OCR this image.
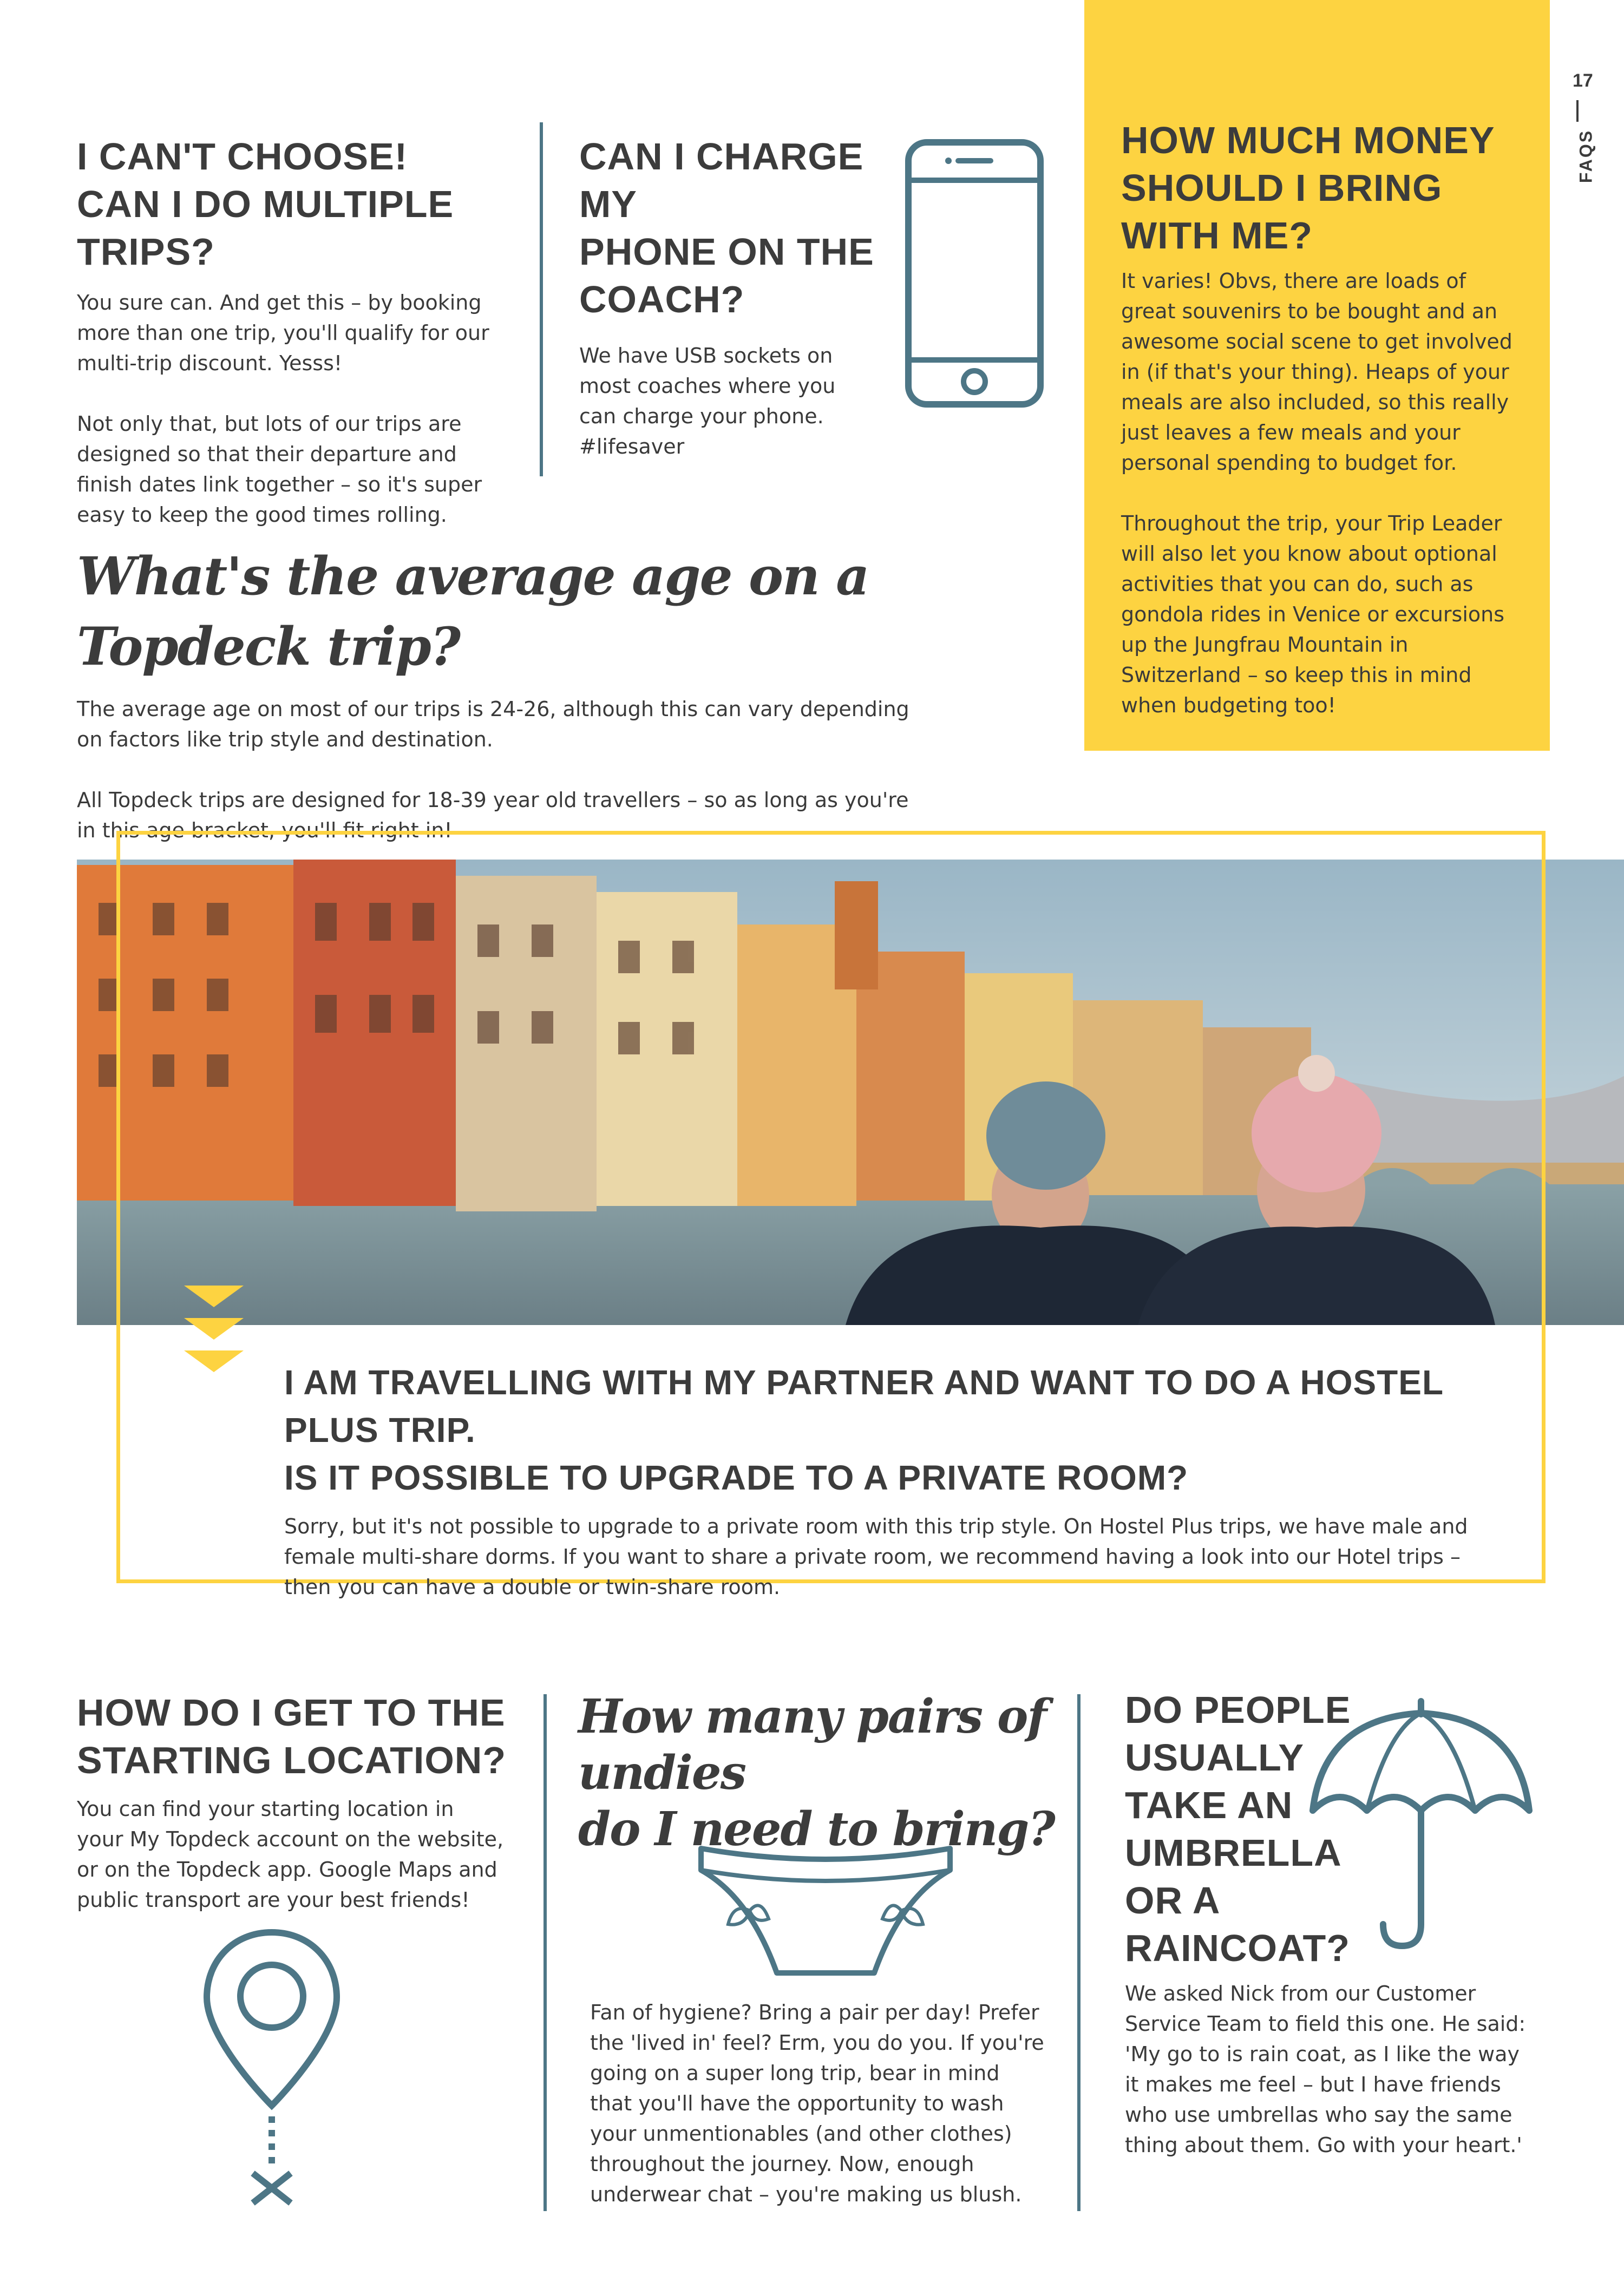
17
FAQS
I CAN'T CHOOSE!
CAN I DO MULTIPLE TRIPS?

You sure can. And get this – by booking more than one trip, you'll qualify for our multi-trip discount. Yesss!

Not only that, but lots of our trips are designed so that their departure and finish dates link together – so it's super easy to keep the good times rolling.

CAN I CHARGE MY
PHONE ON THE
COACH?

We have USB sockets on most coaches where you can charge your phone. #lifesaver

HOW MUCH MONEY
SHOULD I BRING
WITH ME?

It varies! Obvs, there are loads of great souvenirs to be bought and an awesome social scene to get involved in (if that's your thing). Heaps of your meals are also included, so this really just leaves a few meals and your personal spending to budget for.

Throughout the trip, your Trip Leader will also let you know about optional activities that you can do, such as gondola rides in Venice or excursions up the Jungfrau Mountain in Switzerland – so keep this in mind when budgeting too!

What's the average age on a Topdeck trip?

The average age on most of our trips is 24-26, although this can vary depending on factors like trip style and destination.

All Topdeck trips are designed for 18-39 year old travellers – so as long as you're in this age bracket, you'll fit right in!

I AM TRAVELLING WITH MY PARTNER AND WANT TO DO A HOSTEL PLUS TRIP.
IS IT POSSIBLE TO UPGRADE TO A PRIVATE ROOM?

Sorry, but it's not possible to upgrade to a private room with this trip style. On Hostel Plus trips, we have male and female multi-share dorms. If you want to share a private room, we recommend having a look into our Hotel trips – then you can have a double or twin-share room.

HOW DO I GET TO THE
STARTING LOCATION?

You can find your starting location in your My Topdeck account on the website, or on the Topdeck app. Google Maps and public transport are your best friends!

How many pairs of undies
do I need to bring?

Fan of hygiene? Bring a pair per day! Prefer the 'lived in' feel? Erm, you do you. If you're going on a super long trip, bear in mind that you'll have the opportunity to wash your unmentionables (and other clothes) throughout the journey. Now, enough underwear chat – you're making us blush.

DO PEOPLE
USUALLY
TAKE AN
UMBRELLA
OR A
RAINCOAT?

We asked Nick from our Customer Service Team to field this one. He said: 'My go to is rain coat, as I like the way it makes me feel – but I have friends who use umbrellas who say the same thing about them. Go with your heart.'
